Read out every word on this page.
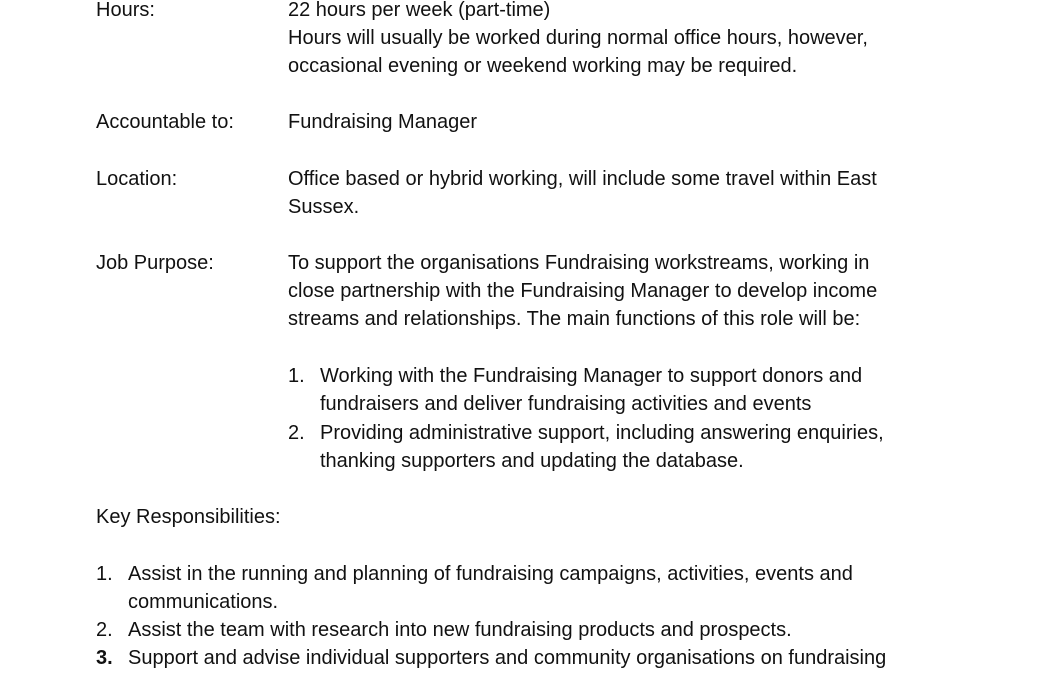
Hours:	22 hours per week (part-time)
Hours will usually be worked during normal office hours, however,
occasional evening or weekend working may be required.
Accountable to:	Fundraising Manager
Location:	Office based or hybrid working, will include some travel within East
Sussex.
Job Purpose:	To support the organisations Fundraising workstreams, working in
close partnership with the Fundraising Manager to develop income
streams and relationships. The main functions of this role will be:
1. Working with the Fundraising Manager to support donors and
fundraisers and deliver fundraising activities and events
2. Providing administrative support, including answering enquiries,
thanking supporters and updating the database.
Key Responsibilities:
1. Assist in the running and planning of fundraising campaigns, activities, events and
communications.
2. Assist the team with research into new fundraising products and prospects.
3. Support and advise individual supporters and community organisations on fundraising
